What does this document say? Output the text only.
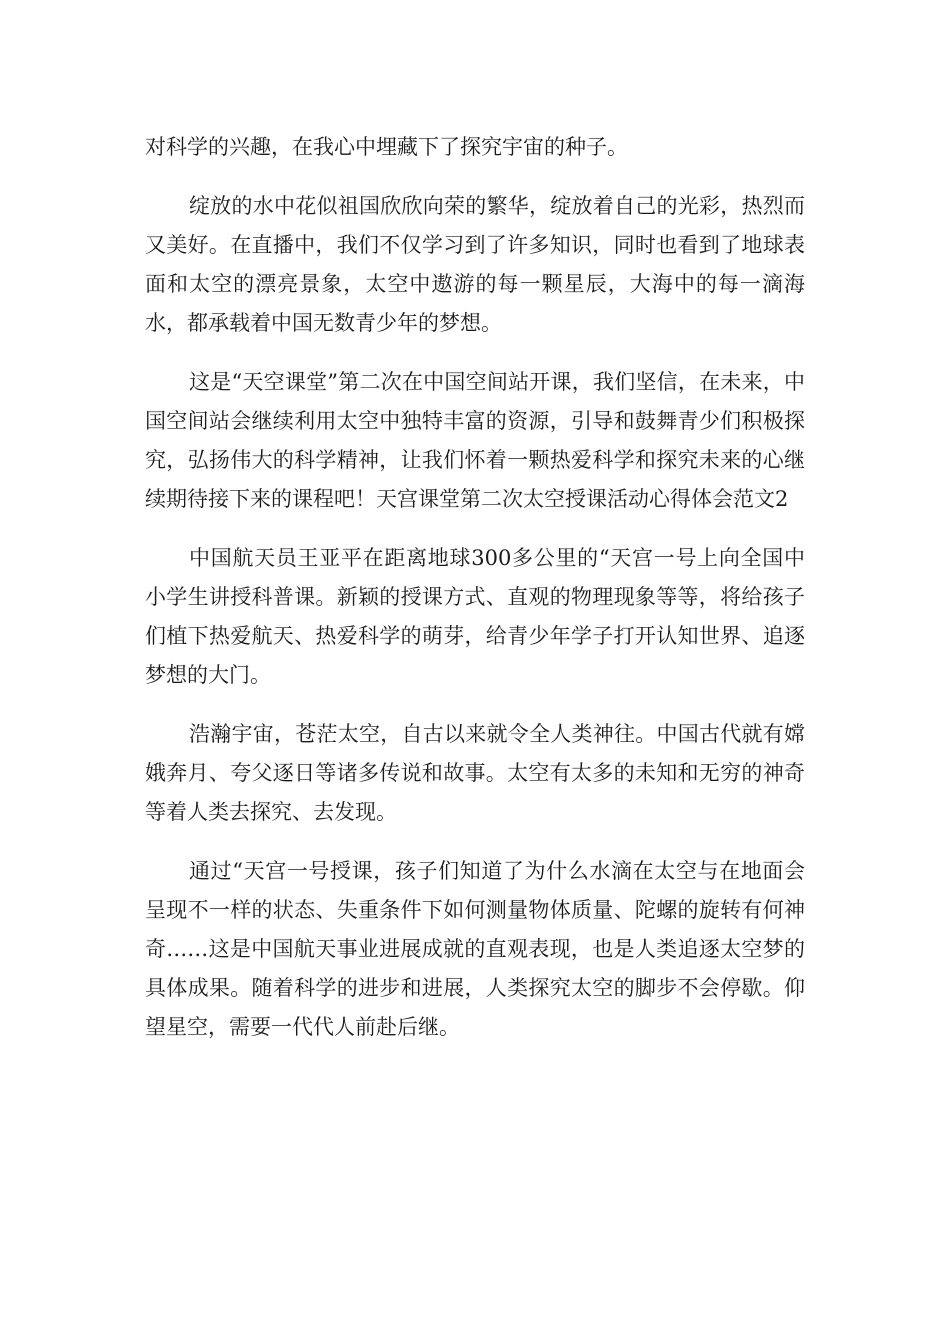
对科学的兴趣，在我心中埋藏下了探究宇宙的种子。

绽放的水中花似祖国欣欣向荣的繁华，绽放着自己的光彩，热烈而又美好。在直播中，我们不仅学习到了许多知识，同时也看到了地球表面和太空的漂亮景象，太空中遨游的每一颗星辰，大海中的每一滴海水，都承载着中国无数青少年的梦想。

这是“天空课堂”第二次在中国空间站开课，我们坚信，在未来，中国空间站会继续利用太空中独特丰富的资源，引导和鼓舞青少们积极探究，弘扬伟大的科学精神，让我们怀着一颗热爱科学和探究未来的心继续期待接下来的课程吧！天宫课堂第二次太空授课活动心得体会范文2

中国航天员王亚平在距离地球300多公里的“天宫一号上向全国中小学生讲授科普课。新颖的授课方式、直观的物理现象等等，将给孩子们植下热爱航天、热爱科学的萌芽，给青少年学子打开认知世界、追逐梦想的大门。

浩瀚宇宙，苍茫太空，自古以来就令全人类神往。中国古代就有嫦娥奔月、夸父逐日等诸多传说和故事。太空有太多的未知和无穷的神奇等着人类去探究、去发现。

通过“天宫一号授课，孩子们知道了为什么水滴在太空与在地面会呈现不一样的状态、失重条件下如何测量物体质量、陀螺的旋转有何神奇……这是中国航天事业进展成就的直观表现，也是人类追逐太空梦的具体成果。随着科学的进步和进展，人类探究太空的脚步不会停歇。仰望星空，需要一代代人前赴后继。
